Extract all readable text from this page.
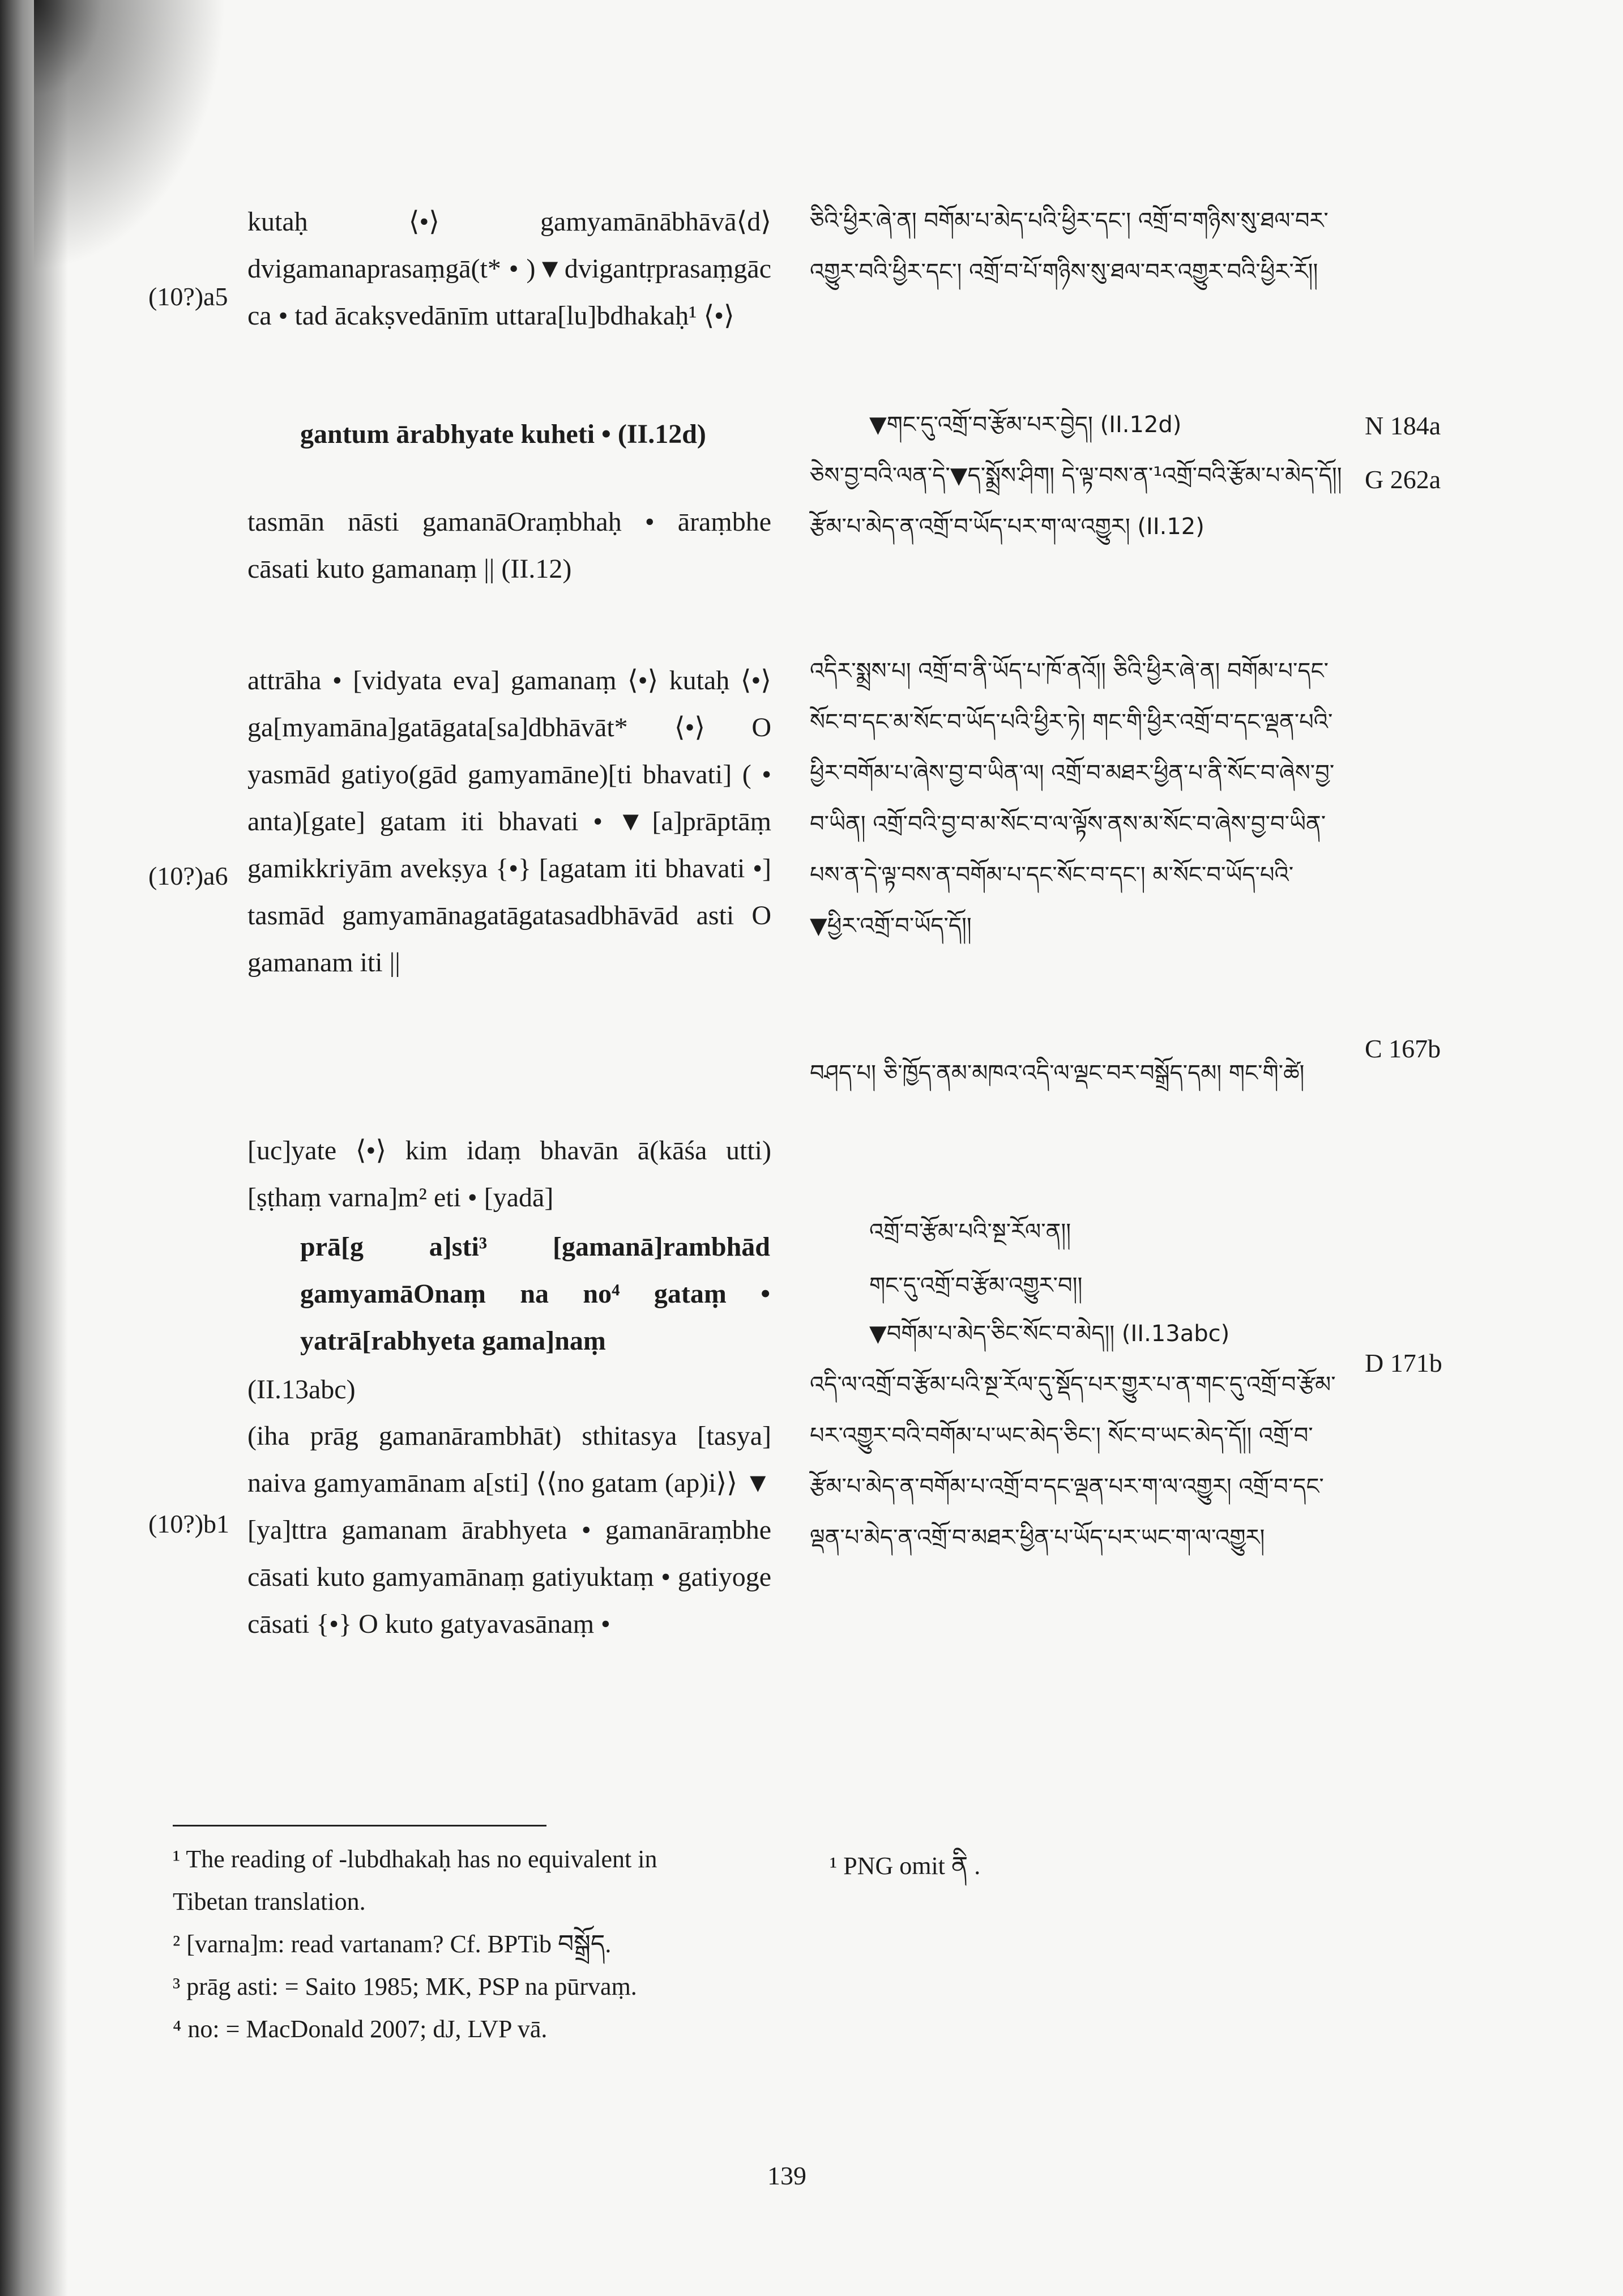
kutaḥ ⟨•⟩ gamyamānābhāvā⟨d⟩ dvigamanaprasaṃgā(t* • )▼dvigantṛprasaṃgāc ca • tad ācakṣvedānīm uttara[lu]bdhakaḥ¹ ⟨•⟩
gantum ārabhyate kuheti • (II.12d)
tasmān nāsti gamanāOraṃbhaḥ • āraṃbhe cāsati kuto gamanaṃ || (II.12)
attrāha • [vidyata eva] gamanaṃ ⟨•⟩ kutaḥ ⟨•⟩ ga[myamāna]gatāgata[sa]dbhāvāt* ⟨•⟩ O yasmād gatiyo(gād gamyamāne)[ti bhavati] ( • anta)[gate] gatam iti bhavati • ▼[a]prāptāṃ gamikkriyām avekṣya {•} [agatam iti bhavati •] tasmād gamyamānagatāgatasadbhāvād asti O gamanam iti ||
[uc]yate ⟨•⟩ kim idaṃ bhavān ā(kāśa utti)[ṣṭhaṃ varna]m² eti • [yadā]
prā[g a]sti³ [gamanā]rambhād gamyamāOnaṃ na no⁴ gataṃ • yatrā[rabhyeta gama]naṃ
(II.13abc)
(iha prāg gamanārambhāt) sthitasya [tasya] naiva gamyamānam a[sti] ⟨⟨no gatam (ap)i⟩⟩ ▼ [ya]ttra gamanam ārabhyeta • gamanāraṃbhe cāsati kuto gamyamānaṃ gatiyuktaṃ • gatiyoge cāsati {•} O kuto gatyavasānaṃ •
(10?)a5
(10?)a6
(10?)b1
ཅིའི་ཕྱིར་ཞེ་ན། བགོམ་པ་མེད་པའི་ཕྱིར་དང་། འགྲོ་བ་གཉིས་སུ་ཐལ་བར་འགྱུར་བའི་ཕྱིར་དང་། འགྲོ་བ་པོ་གཉིས་སུ་ཐལ་བར་འགྱུར་བའི་ཕྱིར་རོ།།
▼གང་དུ་འགྲོ་བ་རྩོམ་པར་བྱེད། (II.12d)
ཅེས་བྱ་བའི་ལན་དེ་▼ད་སྨྲོས་ཤིག། དེ་ལྟ་བས་ན་¹འགྲོ་བའི་རྩོམ་པ་མེད་དོ།། རྩོམ་པ་མེད་ན་འགྲོ་བ་ཡོད་པར་ག་ལ་འགྱུར། (II.12)
འདིར་སྨྲས་པ། འགྲོ་བ་ནི་ཡོད་པ་ཁོ་ནའོ།། ཅིའི་ཕྱིར་ཞེ་ན། བགོམ་པ་དང་སོང་བ་དང་མ་སོང་བ་ཡོད་པའི་ཕྱིར་ཏེ། གང་གི་ཕྱིར་འགྲོ་བ་དང་ལྡན་པའི་ཕྱིར་བགོམ་པ་ཞེས་བྱ་བ་ཡིན་ལ། འགྲོ་བ་མཐར་ཕྱིན་པ་ནི་སོང་བ་ཞེས་བྱ་བ་ཡིན། འགྲོ་བའི་བྱ་བ་མ་སོང་བ་ལ་ལྟོས་ནས་མ་སོང་བ་ཞེས་བྱ་བ་ཡིན་པས་ན་དེ་ལྟ་བས་ན་བགོམ་པ་དང་སོང་བ་དང་། མ་སོང་བ་ཡོད་པའི་▼ཕྱིར་འགྲོ་བ་ཡོད་དོ།།
བཤད་པ། ཅི་ཁྱོད་ནམ་མཁའ་འདི་ལ་ལྡང་བར་བསྒྲོད་དམ། གང་གི་ཚེ།
འགྲོ་བ་རྩོམ་པའི་སྔ་རོལ་ན།།
གང་དུ་འགྲོ་བ་རྩོམ་འགྱུར་བ།།
▼བགོམ་པ་མེད་ཅིང་སོང་བ་མེད།། (II.13abc)
འདི་ལ་འགྲོ་བ་རྩོམ་པའི་སྔ་རོལ་དུ་སྡོད་པར་གྱུར་པ་ན་གང་དུ་འགྲོ་བ་རྩོམ་པར་འགྱུར་བའི་བགོམ་པ་ཡང་མེད་ཅིང་། སོང་བ་ཡང་མེད་དོ།། འགྲོ་བ་རྩོམ་པ་མེད་ན་བགོམ་པ་འགྲོ་བ་དང་ལྡན་པར་ག་ལ་འགྱུར། འགྲོ་བ་དང་ལྡན་པ་མེད་ན་འགྲོ་བ་མཐར་ཕྱིན་པ་ཡོད་པར་ཡང་ག་ལ་འགྱུར།
N 184a
G 262a
C 167b
D 171b
¹ The reading of -lubdhakaḥ has no equivalent in Tibetan translation.
² [varna]m: read vartanam? Cf. BPTib བསྒྲོད.
³ prāg asti: = Saito 1985; MK, PSP na pūrvaṃ.
⁴ no: = MacDonald 2007; dJ, LVP vā.
¹ PNG omit ནི .
139
